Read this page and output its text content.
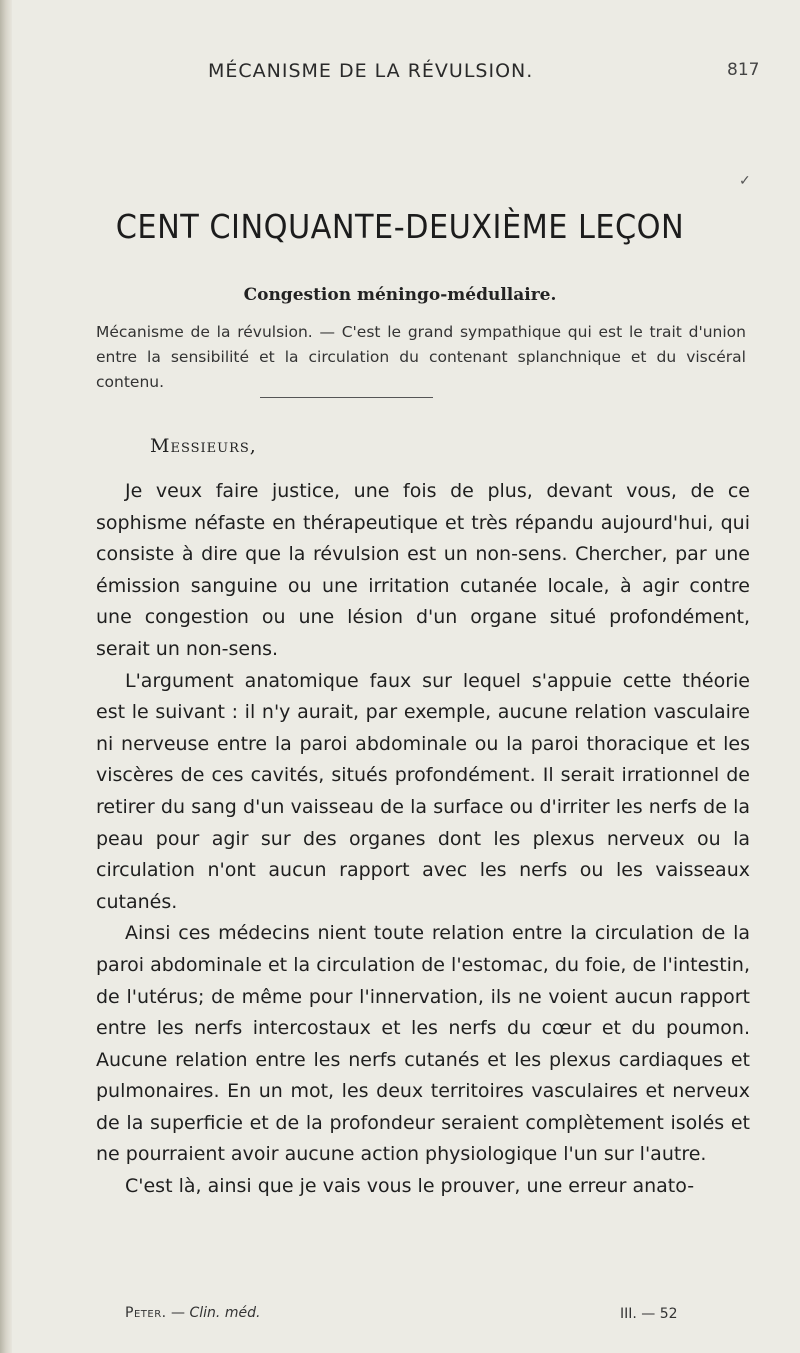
MÉCANISME DE LA RÉVULSION.	817
✓
CENT CINQUANTE-DEUXIÈME LEÇON
Congestion méningo-médullaire.
Mécanisme de la révulsion. — C'est le grand sympathique qui est le trait d'union entre la sensibilité et la circulation du contenant splanchnique et du viscéral contenu.
Messieurs,

Je veux faire justice, une fois de plus, devant vous, de ce sophisme néfaste en thérapeutique et très répandu aujourd'hui, qui consiste à dire que la révulsion est un non-sens. Chercher, par une émission sanguine ou une irritation cutanée locale, à agir contre une congestion ou une lésion d'un organe situé profondément, serait un non-sens.

L'argument anatomique faux sur lequel s'appuie cette théorie est le suivant : il n'y aurait, par exemple, aucune relation vasculaire ni nerveuse entre la paroi abdominale ou la paroi thoracique et les viscères de ces cavités, situés profondément. Il serait irrationnel de retirer du sang d'un vaisseau de la surface ou d'irriter les nerfs de la peau pour agir sur des organes dont les plexus nerveux ou la circulation n'ont aucun rapport avec les nerfs ou les vaisseaux cutanés.

Ainsi ces médecins nient toute relation entre la circulation de la paroi abdominale et la circulation de l'estomac, du foie, de l'intestin, de l'utérus; de même pour l'innervation, ils ne voient aucun rapport entre les nerfs intercostaux et les nerfs du cœur et du poumon. Aucune relation entre les nerfs cutanés et les plexus cardiaques et pulmonaires. En un mot, les deux territoires vasculaires et nerveux de la superficie et de la profondeur seraient complètement isolés et ne pourraient avoir aucune action physiologique l'un sur l'autre.

C'est là, ainsi que je vais vous le prouver, une erreur anato-

Peter. — Clin. méd.	III. — 52
